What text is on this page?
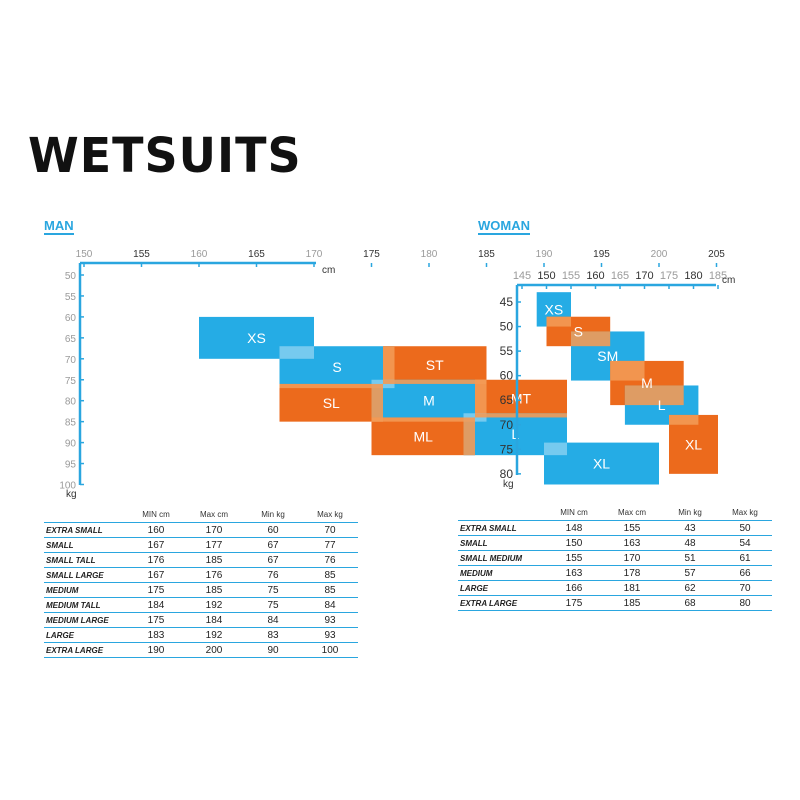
WETSUITS
MAN
150	155	160	165	170	175	180	185	190	195	200	205
cm
50
55
60
65
70
75
80
85
90
95
100
kg
XS
S	ST
SL	M	MT
ML	L
XL
	MIN cm	Max cm	Min kg	Max kg
EXTRA SMALL	160	170	60	70
SMALL	167	177	67	77
SMALL TALL	176	185	67	76
SMALL LARGE	167	176	76	85
MEDIUM	175	185	75	85
MEDIUM TALL	184	192	75	84
MEDIUM LARGE	175	184	84	93
LARGE	183	192	83	93
EXTRA LARGE	190	200	90	100
WOMAN
145 150 155 160 165 170 175 180 185
cm
45
50
55
60
65
70
75
80
kg
XS
S
SM
M
L
XL
	MIN cm	Max cm	Min kg	Max kg
EXTRA SMALL	148	155	43	50
SMALL	150	163	48	54
SMALL MEDIUM	155	170	51	61
MEDIUM	163	178	57	66
LARGE	166	181	62	70
EXTRA LARGE	175	185	68	80
